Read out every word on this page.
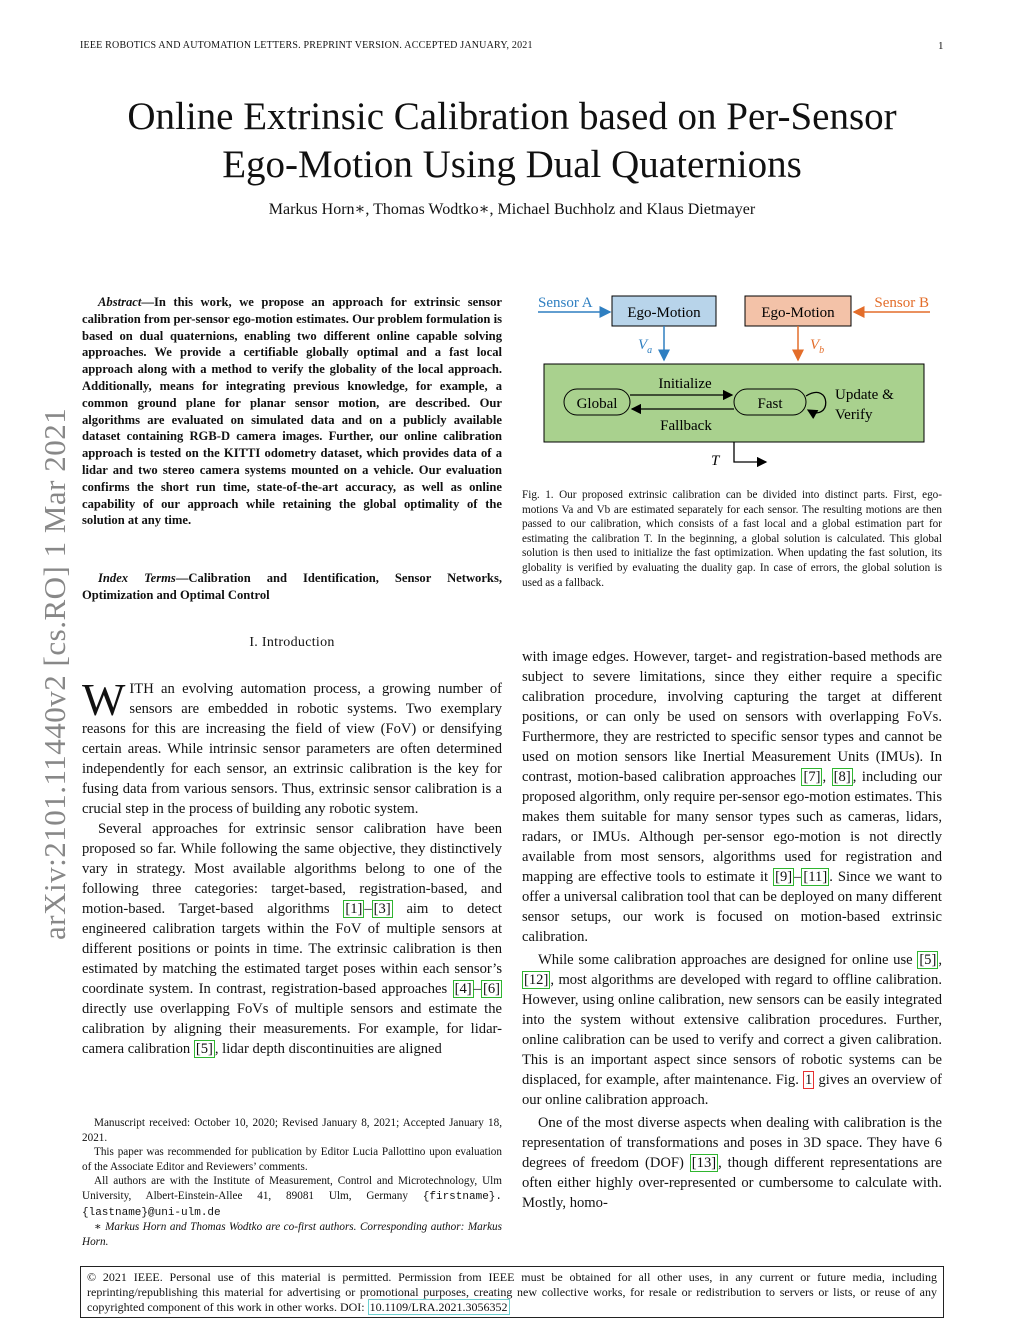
IEEE ROBOTICS AND AUTOMATION LETTERS. PREPRINT VERSION. ACCEPTED JANUARY, 2021	1
Online Extrinsic Calibration based on Per-Sensor
Ego-Motion Using Dual Quaternions
Markus Horn∗, Thomas Wodtko∗, Michael Buchholz and Klaus Dietmayer
arXiv:2101.11440v2 [cs.RO] 1 Mar 2021

Abstract—In this work, we propose an approach for extrinsic sensor calibration from per-sensor ego-motion estimates. Our problem formulation is based on dual quaternions, enabling two different online capable solving approaches. We provide a certifiable globally optimal and a fast local approach along with a method to verify the globality of the local approach. Additionally, means for integrating previous knowledge, for example, a common ground plane for planar sensor motion, are described. Our algorithms are evaluated on simulated data and on a publicly available dataset containing RGB-D camera images. Further, our online calibration approach is tested on the KITTI odometry dataset, which provides data of a lidar and two stereo camera systems mounted on a vehicle. Our evaluation confirms the short run time, state-of-the-art accuracy, as well as online capability of our approach while retaining the global optimality of the solution at any time.

Index Terms—Calibration and Identification, Sensor Networks, Optimization and Optimal Control

I. Introduction

WITH an evolving automation process, a growing number of sensors are embedded in robotic systems. Two exemplary reasons for this are increasing the field of view (FoV) or densifying certain areas. While intrinsic sensor parameters are often determined independently for each sensor, an extrinsic calibration is the key for fusing data from various sensors. Thus, extrinsic sensor calibration is a crucial step in the process of building any robotic system.

Several approaches for extrinsic sensor calibration have been proposed so far. While following the same objective, they distinctively vary in strategy. Most available algorithms belong to one of the following three categories: target-based, registration-based, and motion-based. Target-based algorithms [1] – [3] aim to detect engineered calibration targets within the FoV of multiple sensors at different positions or points in time. The extrinsic calibration is then estimated by matching the estimated target poses within each sensor’s coordinate system. In contrast, registration-based approaches [4] – [6] directly use overlapping FoVs of multiple sensors and estimate the calibration by aligning their measurements. For example, for lidar-camera calibration [5] , lidar depth discontinuities are aligned

Manuscript received: October 10, 2020; Revised January 8, 2021; Accepted January 18, 2021.

This paper was recommended for publication by Editor Lucia Pallottino upon evaluation of the Associate Editor and Reviewers’ comments.

All authors are with the Institute of Measurement, Control and Microtechnology, Ulm University, Albert-Einstein-Allee 41, 89081 Ulm, Germany {firstname}.{lastname}@uni-ulm.de

∗ Markus Horn and Thomas Wodtko are co-first authors. Corresponding author: Markus Horn.

Sensor A
Ego-Motion
Sensor B
Ego-Motion
$V_a$	$V_b$
Global	Fast
Initialize
Fallback
Update &
Verify
T
Fig. 1. Our proposed extrinsic calibration can be divided into distinct parts. First, ego-motions Va and Vb are estimated separately for each sensor. The resulting motions are then passed to our calibration, which consists of a fast local and a global estimation part for estimating the calibration T. In the beginning, a global solution is calculated. This global solution is then used to initialize the fast optimization. When updating the fast solution, its globality is verified by evaluating the duality gap. In case of errors, the global solution is used as a fallback.

with image edges. However, target- and registration-based methods are subject to severe limitations, since they either require a specific calibration procedure, involving capturing the target at different positions, or can only be used on sensors with overlapping FoVs. Furthermore, they are restricted to specific sensor types and cannot be used on motion sensors like Inertial Measurement Units (IMUs). In contrast, motion-based calibration approaches [7] , [8] , including our proposed algorithm, only require per-sensor ego-motion estimates. This makes them suitable for many sensor types such as cameras, lidars, radars, or IMUs. Although per-sensor ego-motion is not directly available from most sensors, algorithms used for registration and mapping are effective tools to estimate it [9] – [11] . Since we want to offer a universal calibration tool that can be deployed on many different sensor setups, our work is focused on motion-based extrinsic calibration.

While some calibration approaches are designed for online use [5] , [12] , most algorithms are developed with regard to offline calibration. However, using online calibration, new sensors can be easily integrated into the system without extensive calibration procedures. Further, online calibration can be used to verify and correct a given calibration. This is an important aspect since sensors of robotic systems can be displaced, for example, after maintenance. Fig. 1 gives an overview of our online calibration approach.

One of the most diverse aspects when dealing with calibration is the representation of transformations and poses in 3D space. They have 6 degrees of freedom (DOF) [13] , though different representations are often either highly over-represented or cumbersome to calculate with. Mostly, homo-

© 2021 IEEE. Personal use of this material is permitted. Permission from IEEE must be obtained for all other uses, in any current or future media, including reprinting/republishing this material for advertising or promotional purposes, creating new collective works, for resale or redistribution to servers or lists, or reuse of any copyrighted component of this work in other works. DOI: 10.1109/LRA.2021.3056352
